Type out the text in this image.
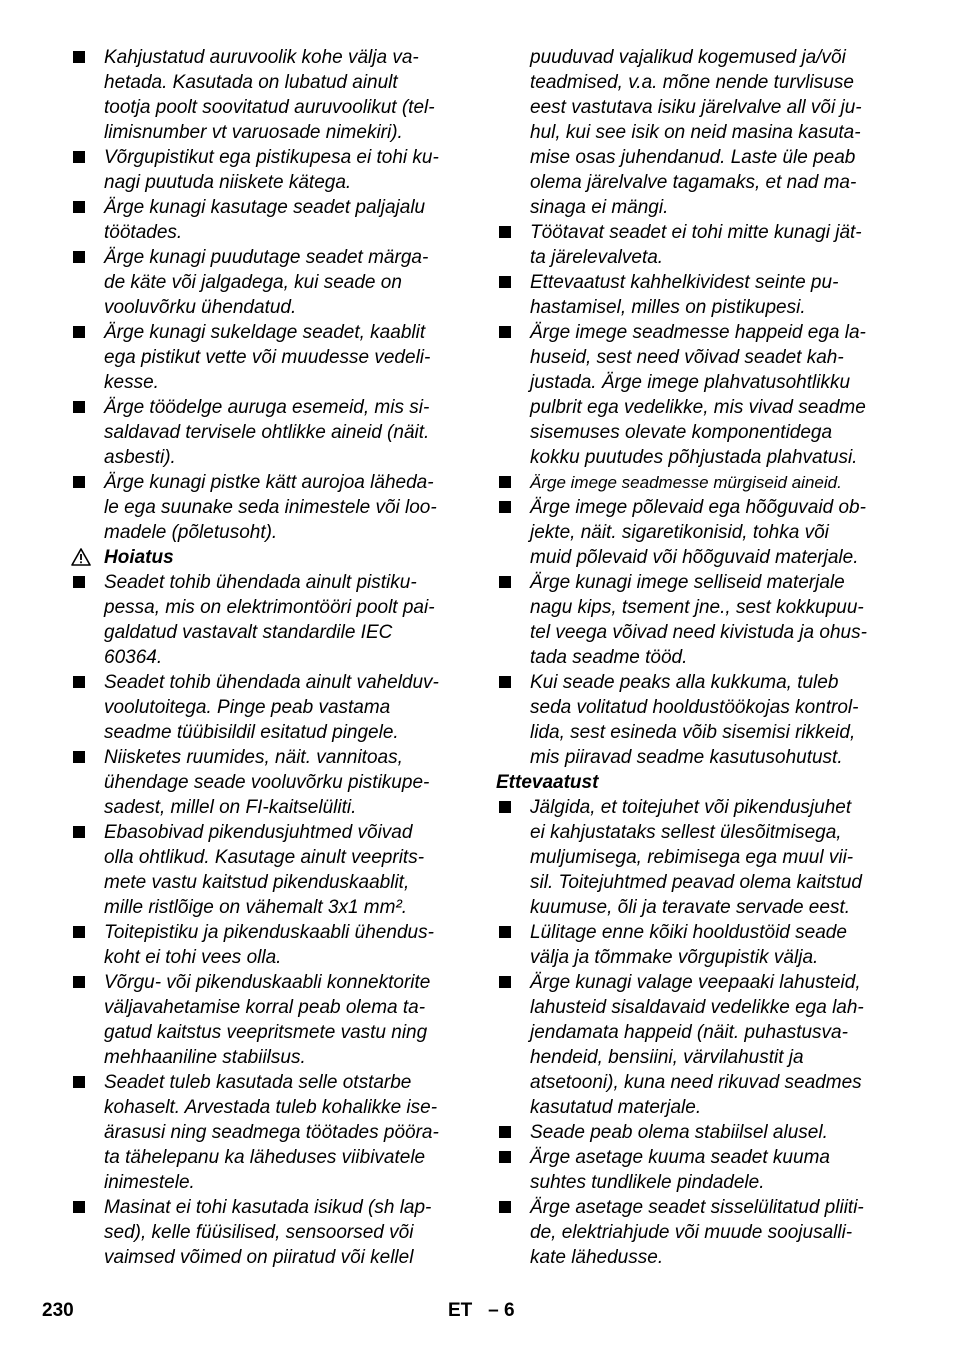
Kahjustatud auruvoolik kohe välja va-
hetada. Kasutada on lubatud ainult
tootja poolt soovitatud auruvoolikut (tel-
limisnumber vt varuosade nimekiri).
Võrgupistikut ega pistikupesa ei tohi ku-
nagi puutuda niiskete kätega.
Ärge kunagi kasutage seadet paljajalu
töötades.
Ärge kunagi puudutage seadet märga-
de käte või jalgadega, kui seade on
vooluvõrku ühendatud.
Ärge kunagi sukeldage seadet, kaablit
ega pistikut vette või muudesse vedeli-
kesse.
Ärge töödelge auruga esemeid, mis si-
saldavad tervisele ohtlikke aineid (näit.
asbesti).
Ärge kunagi pistke kätt aurojoa läheda-
le ega suunake seda inimestele või loo-
madele (põletusoht).
Hoiatus
Seadet tohib ühendada ainult pistiku-
pessa, mis on elektrimontööri poolt pai-
galdatud vastavalt standardile IEC
60364.
Seadet tohib ühendada ainult vahelduv-
voolutoitega. Pinge peab vastama
seadme tüübisildil esitatud pingele.
Niisketes ruumides, näit. vannitoas,
ühendage seade vooluvõrku pistikupe-
sadest, millel on FI-kaitselüliti.
Ebasobivad pikendusjuhtmed võivad
olla ohtlikud. Kasutage ainult veeprits-
mete vastu kaitstud pikenduskaablit,
mille ristlõige on vähemalt 3x1 mm².
Toitepistiku ja pikenduskaabli ühendus-
koht ei tohi vees olla.
Võrgu- või pikenduskaabli konnektorite
väljavahetamise korral peab olema ta-
gatud kaitstus veepritsmete vastu ning
mehhaaniline stabiilsus.
Seadet tuleb kasutada selle otstarbe
kohaselt. Arvestada tuleb kohalikke ise-
ärasusi ning seadmega töötades pööra-
ta tähelepanu ka läheduses viibivatele
inimestele.
Masinat ei tohi kasutada isikud (sh lap-
sed), kelle füüsilised, sensoorsed või
vaimsed võimed on piiratud või kellel
puuduvad vajalikud kogemused ja/või
teadmised, v.a. mõne nende turvlisuse
eest vastutava isiku järelvalve all või ju-
hul, kui see isik on neid masina kasuta-
mise osas juhendanud. Laste üle peab
olema järelvalve tagamaks, et nad ma-
sinaga ei mängi.
Töötavat seadet ei tohi mitte kunagi jät-
ta järelevalveta.
Ettevaatust kahhelkividest seinte pu-
hastamisel, milles on pistikupesi.
Ärge imege seadmesse happeid ega la-
huseid, sest need võivad seadet kah-
justada. Ärge imege plahvatusohtlikku
pulbrit ega vedelikke, mis vivad seadme
sisemuses olevate komponentidega
kokku puutudes põhjustada plahvatusi.
Ärge imege seadmesse mürgiseid aineid.
Ärge imege põlevaid ega hõõguvaid ob-
jekte, näit. sigaretikonisid, tohka või
muid põlevaid või hõõguvaid materjale.
Ärge kunagi imege selliseid materjale
nagu kips, tsement jne., sest kokkupuu-
tel veega võivad need kivistuda ja ohus-
tada seadme tööd.
Kui seade peaks alla kukkuma, tuleb
seda volitatud hooldustöökojas kontrol-
lida, sest esineda võib sisemisi rikkeid,
mis piiravad seadme kasutusohutust.
Ettevaatust
Jälgida, et toitejuhet või pikendusjuhet
ei kahjustataks sellest ülesõitmisega,
muljumisega, rebimisega ega muul vii-
sil. Toitejuhtmed peavad olema kaitstud
kuumuse, õli ja teravate servade eest.
Lülitage enne kõiki hooldustöid seade
välja ja tõmmake võrgupistik välja.
Ärge kunagi valage veepaaki lahusteid,
lahusteid sisaldavaid vedelikke ega lah-
jendamata happeid (näit. puhastusva-
hendeid, bensiini, värvilahustit ja
atsetooni), kuna need rikuvad seadmes
kasutatud materjale.
Seade peab olema stabiilsel alusel.
Ärge asetage kuuma seadet kuuma
suhtes tundlikele pindadele.
Ärge asetage seadet sisselülitatud pliiti-
de, elektriahjude või muude soojusalli-
kate lähedusse.
230	ET   – 6
